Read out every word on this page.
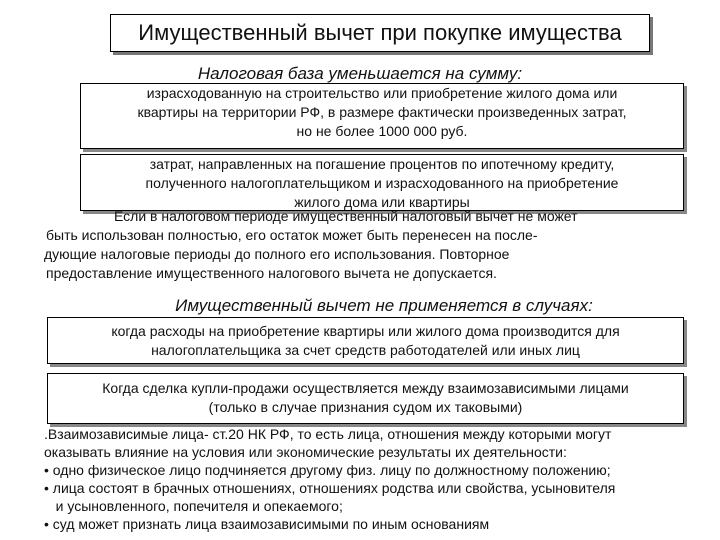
Имущественный вычет при покупке имущества
Налоговая база уменьшается на сумму:

израсходованную на строительство или приобретение жилого дома или

квартиры на территории РФ, в размере фактически произведенных затрат,

но не более 1000 000 руб.

затрат, направленных на погашение процентов по ипотечному кредиту,

полученного налогоплательщиком и израсходованного на приобретение

жилого дома или квартиры

Если в налоговом периоде имущественный налоговый вычет не может
быть использован полностью, его остаток может быть перенесен на после-
дующие налоговые периоды до полного его использования. Повторное
предоставление имущественного налогового вычета не допускается.
Имущественный вычет не применяется в случаях:

когда расходы на приобретение квартиры или жилого дома производится для

налогоплательщика за счет средств работодателей или иных лиц

Когда сделка купли-продажи осуществляется между взаимозависимыми лицами

(только в случае признания судом их таковыми)

.Взаимозависимые лица- ст.20 НК РФ, то есть лица, отношения между которыми могут
оказывать влияние на условия или экономические результаты их деятельности:
• одно физическое лицо подчиняется другому физ. лицу по должностному положению;
• лица состоят в брачных отношениях, отношениях родства или свойства, усыновителя
и усыновленного, попечителя и опекаемого;
• суд может признать лица взаимозависимыми по иным основаниям
